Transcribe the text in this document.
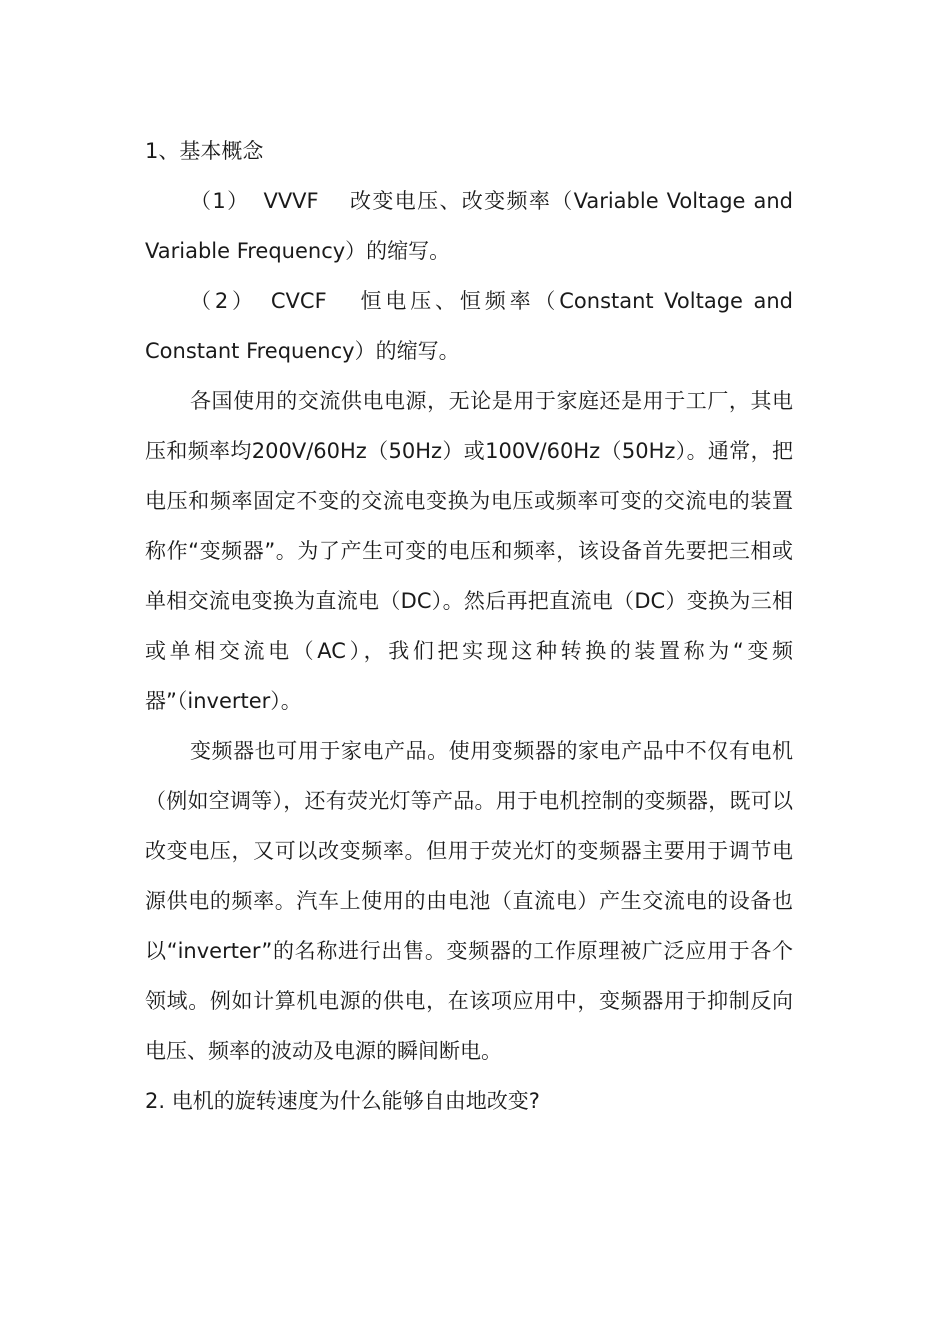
1、基本概念

（1） VVVF 改变电压、改变频率（Variable Voltage and Variable Frequency）的缩写。

（2） CVCF 恒电压、恒频率（Constant Voltage and Constant Frequency）的缩写。

各国使用的交流供电电源，无论是用于家庭还是用于工厂，其电压和频率均200V/60Hz（50Hz）或100V/60Hz（50Hz）。通常，把电压和频率固定不变的交流电变换为电压或频率可变的交流电的装置称作“变频器”。为了产生可变的电压和频率，该设备首先要把三相或单相交流电变换为直流电（DC）。然后再把直流电（DC）变换为三相或单相交流电（AC），我们把实现这种转换的装置称为“变频器”（inverter）。

变频器也可用于家电产品。使用变频器的家电产品中不仅有电机（例如空调等），还有荧光灯等产品。用于电机控制的变频器，既可以改变电压，又可以改变频率。但用于荧光灯的变频器主要用于调节电源供电的频率。汽车上使用的由电池（直流电）产生交流电的设备也以“inverter”的名称进行出售。变频器的工作原理被广泛应用于各个领域。例如计算机电源的供电，在该项应用中，变频器用于抑制反向电压、频率的波动及电源的瞬间断电。

2. 电机的旋转速度为什么能够自由地改变?
